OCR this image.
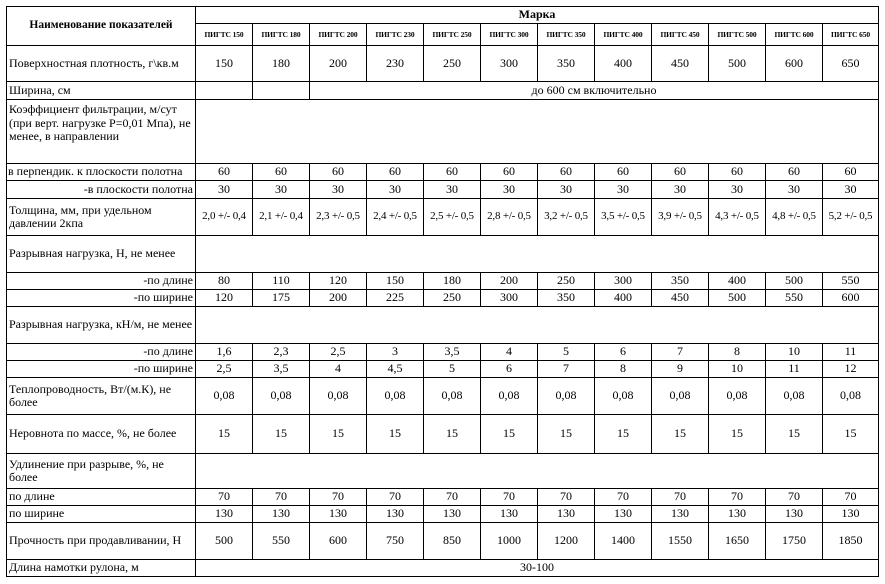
Наименование показателей	Марка											
	ПИГТС 150	ПИГТС 180	ПИГТС 200	ПИГТС 230	ПИГТС 250	ПИГТС 300	ПИГТС 350	ПИГТС 400	ПИГТС 450	ПИГТС 500	ПИГТС 600	ПИГТС 650
Поверхностная плотность, г\кв.м	150	180	200	230	250	300	350	400	450	500	600	650
Ширина, см			до 600 см включительно									
Коэффициент фильтрации, м/сут (при верт. нагрузке Р=0,01 Мпа), не менее, в направлении												
в перпендик. к плоскости полотна	60	60	60	60	60	60	60	60	60	60	60	60
-в плоскости полотна	30	30	30	30	30	30	30	30	30	30	30	30
Толщина, мм, при удельном давлении 2кпа	2,0 +/- 0,4	2,1 +/- 0,4	2,3 +/- 0,5	2,4 +/- 0,5	2,5 +/- 0,5	2,8 +/- 0,5	3,2 +/- 0,5	3,5 +/- 0,5	3,9 +/- 0,5	4,3 +/- 0,5	4,8 +/- 0,5	5,2 +/- 0,5
Разрывная нагрузка, Н, не менее												
-по длине	80	110	120	150	180	200	250	300	350	400	500	550
-по ширине	120	175	200	225	250	300	350	400	450	500	550	600
Разрывная нагрузка, кН/м, не менее												
-по длине	1,6	2,3	2,5	3	3,5	4	5	6	7	8	10	11
-по ширине	2,5	3,5	4	4,5	5	6	7	8	9	10	11	12
Теплопроводность, Вт/(м.К), не более	0,08	0,08	0,08	0,08	0,08	0,08	0,08	0,08	0,08	0,08	0,08	0,08
Неровнота по массе, %, не более	15	15	15	15	15	15	15	15	15	15	15	15
Удлинение при разрыве, %, не более												
по длине	70	70	70	70	70	70	70	70	70	70	70	70
по ширине	130	130	130	130	130	130	130	130	130	130	130	130
Прочность при продавливании, Н	500	550	600	750	850	1000	1200	1400	1550	1650	1750	1850
Длина намотки рулона, м	30-100											
